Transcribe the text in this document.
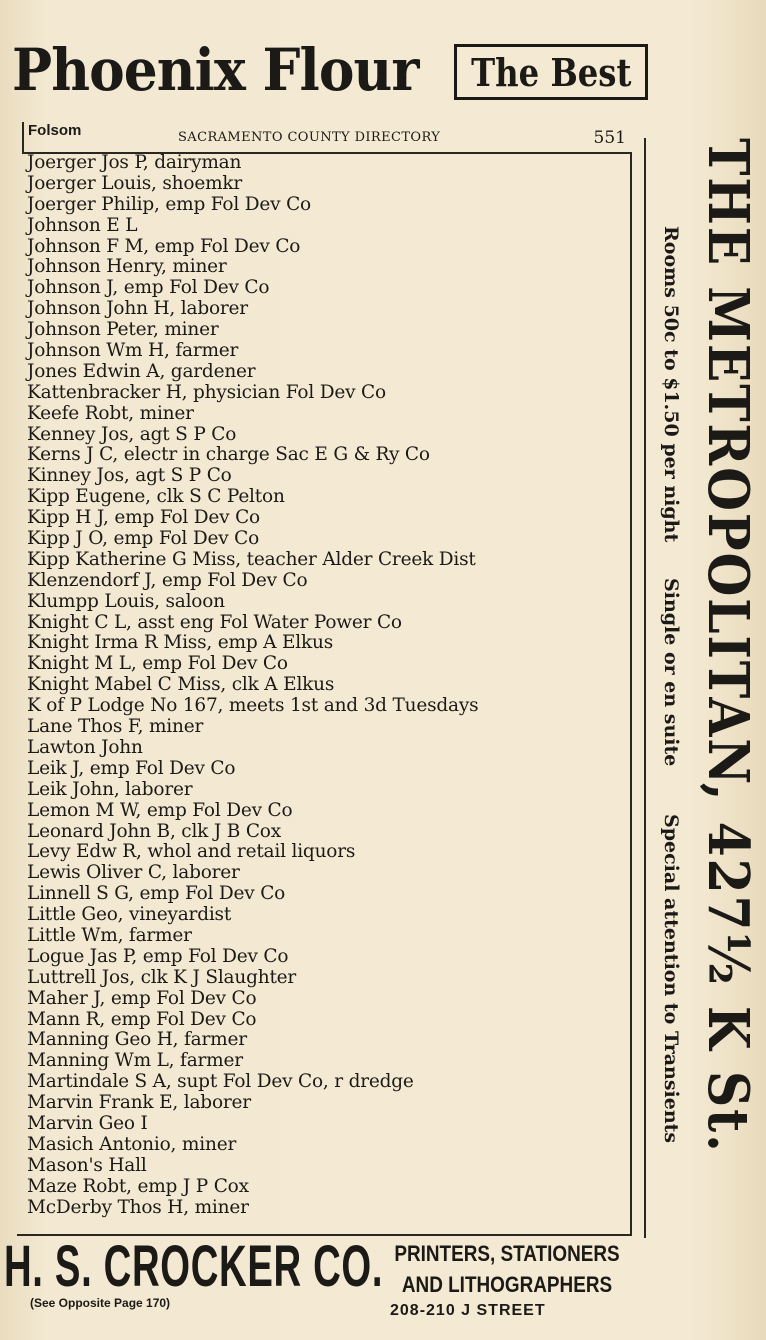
Phoenix Flour The Best
Folsom	SACRAMENTO COUNTY DIRECTORY	551
Joerger Jos P, dairyman
Joerger Louis, shoemkr
Joerger Philip, emp Fol Dev Co
Johnson E L
Johnson F M, emp Fol Dev Co
Johnson Henry, miner
Johnson J, emp Fol Dev Co
Johnson John H, laborer
Johnson Peter, miner
Johnson Wm H, farmer
Jones Edwin A, gardener
Kattenbracker H, physician Fol Dev Co
Keefe Robt, miner
Kenney Jos, agt S P Co
Kerns J C, electr in charge Sac E G & Ry Co
Kinney Jos, agt S P Co
Kipp Eugene, clk S C Pelton
Kipp H J, emp Fol Dev Co
Kipp J O, emp Fol Dev Co
Kipp Katherine G Miss, teacher Alder Creek Dist
Klenzendorf J, emp Fol Dev Co
Klumpp Louis, saloon
Knight C L, asst eng Fol Water Power Co
Knight Irma R Miss, emp A Elkus
Knight M L, emp Fol Dev Co
Knight Mabel C Miss, clk A Elkus
K of P Lodge No 167, meets 1st and 3d Tuesdays
Lane Thos F, miner
Lawton John
Leik J, emp Fol Dev Co
Leik John, laborer
Lemon M W, emp Fol Dev Co
Leonard John B, clk J B Cox
Levy Edw R, whol and retail liquors
Lewis Oliver C, laborer
Linnell S G, emp Fol Dev Co
Little Geo, vineyardist
Little Wm, farmer
Logue Jas P, emp Fol Dev Co
Luttrell Jos, clk K J Slaughter
Maher J, emp Fol Dev Co
Mann R, emp Fol Dev Co
Manning Geo H, farmer
Manning Wm L, farmer
Martindale S A, supt Fol Dev Co, r dredge
Marvin Frank E, laborer
Marvin Geo I
Masich Antonio, miner
Mason's Hall
Maze Robt, emp J P Cox
McDerby Thos H, miner
THE METROPOLITAN, 427½ K St.
Rooms 50c to $1.50 per night
Single or en suite
Special attention to Transients
H. S. CROCKER CO.
(See Opposite Page 170)
PRINTERS, STATIONERS
AND LITHOGRAPHERS
208-210 J STREET
